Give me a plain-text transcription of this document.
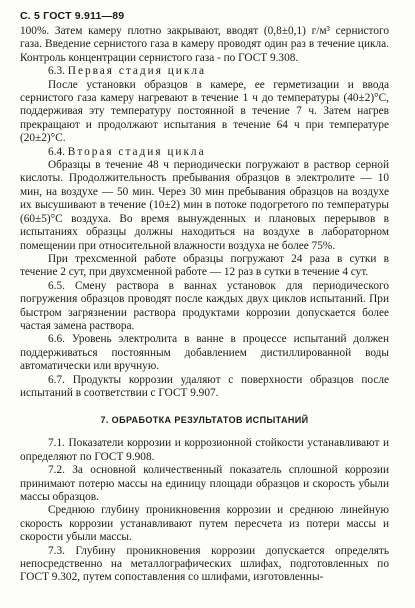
С. 5 ГОСТ 9.911—89

100%. Затем камеру плотно закрывают, вводят (0,8±0,1) г/м³ сернистого газа. Введение сернистого газа в камеру проводят один раз в течение цикла. Контроль концентрации сернистого газа - по ГОСТ 9.308.

6.3. Первая стадия цикла

После установки образцов в камере, ее герметизации и ввода сернистого газа камеру нагревают в течение 1 ч до температуры (40±2)°С, поддерживая эту температуру постоянной в течение 7 ч. Затем нагрев прекращают и продолжают испытания в течение 64 ч при температуре (20±2)°С.

6.4. Вторая стадия цикла

Образцы в течение 48 ч периодически погружают в раствор серной кислоты. Продолжительность пребывания образцов в электролите — 10 мин, на воздухе — 50 мин. Через 30 мин пребывания образцов на воздухе их высушивают в течение (10±2) мин в потоке подогретого по температуры (60±5)°С воздуха. Во время вынужденных и плановых перерывов в испытаниях образцы должны находиться на воздухе в лабораторном помещении при относительной влажности воздуха не более 75%.

При трехсменной работе образцы погружают 24 раза в сутки в течение 2 сут, при двухсменной работе — 12 раз в сутки в течение 4 сут.

6.5. Смену раствора в ваннах установок для периодического погружения образцов проводят после каждых двух циклов испытаний. При быстром загрязнении раствора продуктами коррозии допускается более частая замена раствора.

6.6. Уровень электролита в ванне в процессе испытаний должен поддерживаться постоянным добавлением дистиллированной воды автоматически или вручную.

6.7. Продукты коррозии удаляют с поверхности образцов после испытаний в соответствии с ГОСТ 9.907.

7. ОБРАБОТКА РЕЗУЛЬТАТОВ ИСПЫТАНИЙ

7.1. Показатели коррозии и коррозионной стойкости устанавливают и определяют по ГОСТ 9.908.

7.2. За основной количественный показатель сплошной коррозии принимают потерю массы на единицу площади образцов и скорость убыли массы образцов.

Среднюю глубину проникновения коррозии и среднюю линейную скорость коррозии устанавливают путем пересчета из потери массы и скорости убыли массы.

7.3. Глубину проникновения коррозии допускается определять непосредственно на металлографических шлифах, подготовленных по ГОСТ 9.302, путем сопоставления со шлифами, изготовленны-
